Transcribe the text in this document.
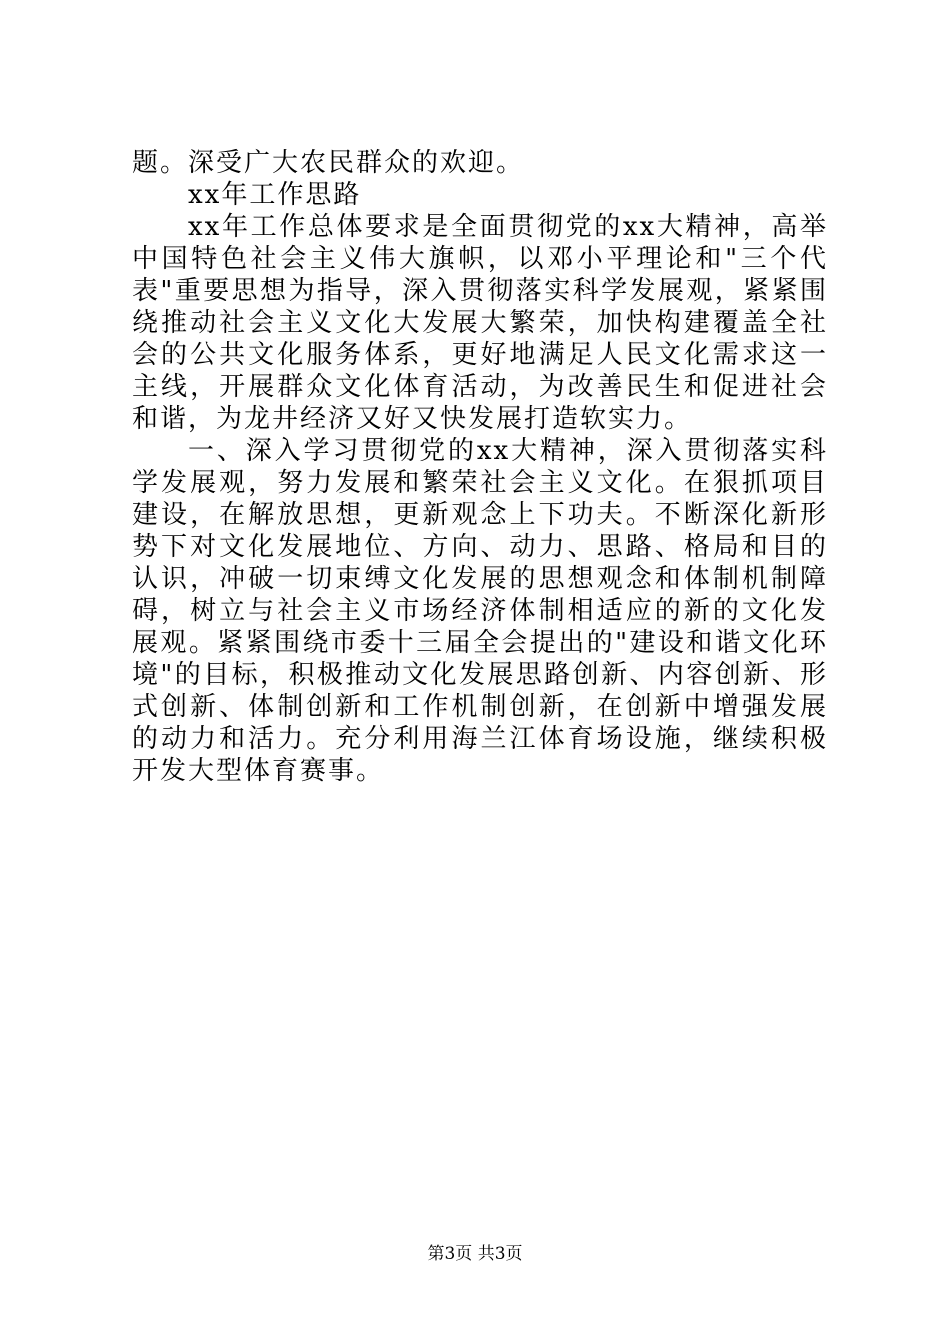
题。深受广大农民群众的欢迎。

xx年工作思路

xx年工作总体要求是全面贯彻党的xx大精神，高举中国特色社会主义伟大旗帜，以邓小平理论和"三个代表"重要思想为指导，深入贯彻落实科学发展观，紧紧围绕推动社会主义文化大发展大繁荣，加快构建覆盖全社会的公共文化服务体系，更好地满足人民文化需求这一主线，开展群众文化体育活动，为改善民生和促进社会和谐，为龙井经济又好又快发展打造软实力。

一、深入学习贯彻党的xx大精神，深入贯彻落实科学发展观，努力发展和繁荣社会主义文化。在狠抓项目建设，在解放思想，更新观念上下功夫。不断深化新形势下对文化发展地位、方向、动力、思路、格局和目的认识，冲破一切束缚文化发展的思想观念和体制机制障碍，树立与社会主义市场经济体制相适应的新的文化发展观。紧紧围绕市委十三届全会提出的"建设和谐文化环境"的目标，积极推动文化发展思路创新、内容创新、形式创新、体制创新和工作机制创新，在创新中增强发展的动力和活力。充分利用海兰江体育场设施，继续积极开发大型体育赛事。

第3页 共3页
